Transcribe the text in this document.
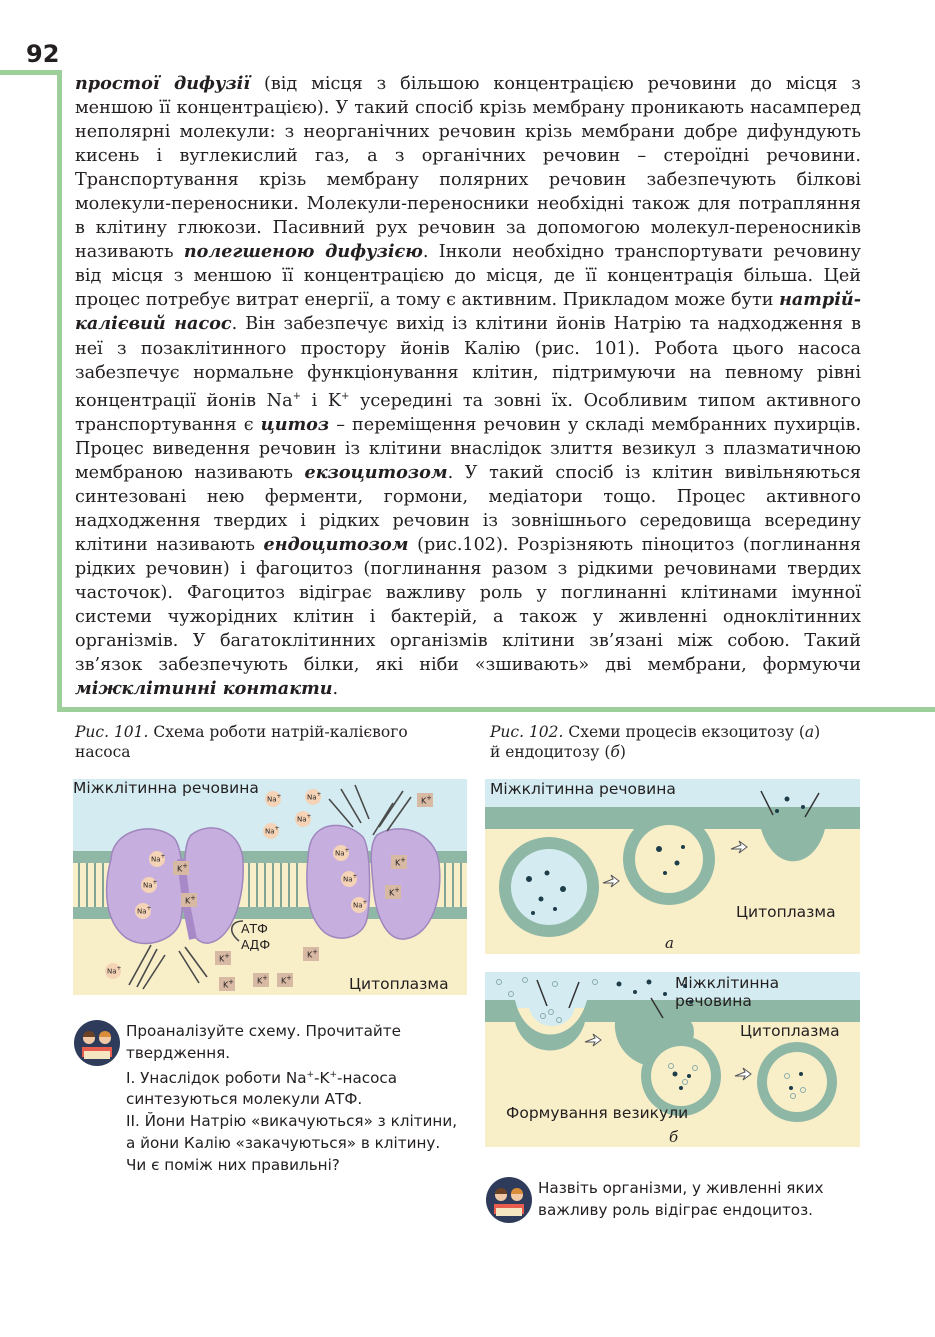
92

простої дифузії (від місця з більшою концентрацією речовини до місця з меншою її концентрацією). У такий спосіб крізь мембрану проникають насамперед неполярні молекули: з неорганічних речовин крізь мембрани добре дифундують кисень і вуглекислий газ, а з органічних речовин – стероїдні речовини. Транспортування крізь мембрану полярних речовин забезпечують білкові молекули-переносники. Молекули-переносники необхідні також для потрапляння в клітину глюкози. Пасивний рух речовин за допомогою молекул-переносників називають полегшеною дифузією. Інколи необхідно транспортувати речовину від місця з меншою її концентрацією до місця, де її концентрація більша. Цей процес потребує витрат енергії, а тому є активним. Прикладом може бути натрій-калієвий насос. Він забезпечує вихід із клітини йонів Натрію та надходження в неї з позаклітинного простору йонів Калію (рис. 101). Робота цього насоса забезпечує нормальне функціонування клітин, підтримуючи на певному рівні концентрації йонів Na+ і K+ усередині та зовні їх. Особливим типом активного транспортування є цитоз – переміщення речовин у складі мембранних пухирців. Процес виведення речовин із клітини внаслідок злиття везикул з плазматичною мембраною називають екзоцитозом. У такий спосіб із клітин вивільняються синтезовані нею ферменти, гормони, медіатори тощо. Процес активного надходження твердих і рідких речовин із зовнішнього середовища всередину клітини називають ендоцитозом (рис.102). Розрізняють піноцитоз (поглинання рідких речовин) і фагоцитоз (поглинання разом з рідкими речовинами твердих часточок). Фагоцитоз відіграє важливу роль у поглинанні клітинами імунної системи чужорідних клітин і бактерій, а також у живленні одноклітинних організмів. У багатоклітинних організмів клітини зв’язані між собою. Такий зв’язок забезпечують білки, які ніби «зшивають» дві мембрани, формуючи міжклітинні контакти.

Рис. 101. Схема роботи натрій-калієвого насоса
Міжклітинна речовина
Цитоплазма
АТФ
АДФ
Na+	Na+
Na+
Na+
K+
Na+
Na+
Na+
K+
K+
Na+
Na+
Na+
K+
K+
K+	K+
K+	K+ K+
Na+
Рис. 102. Схеми процесів екзоцитозу (а)
й ендоцитозу (б)
Міжклітинна речовина
Цитоплазма
а
Міжклітинна речовина
Цитоплазма
Формування везикули
б
Проаналізуйте схему. Прочитайте
твердження.
І. Унаслідок роботи Na+-K+-насоса
синтезуються молекули АТФ.
ІІ. Йони Натрію «викачуються» з клітини,
а йони Калію «закачуються» в клітину.
Чи є поміж них правильні?
Назвіть організми, у живленні яких
важливу роль відіграє ендоцитоз.
